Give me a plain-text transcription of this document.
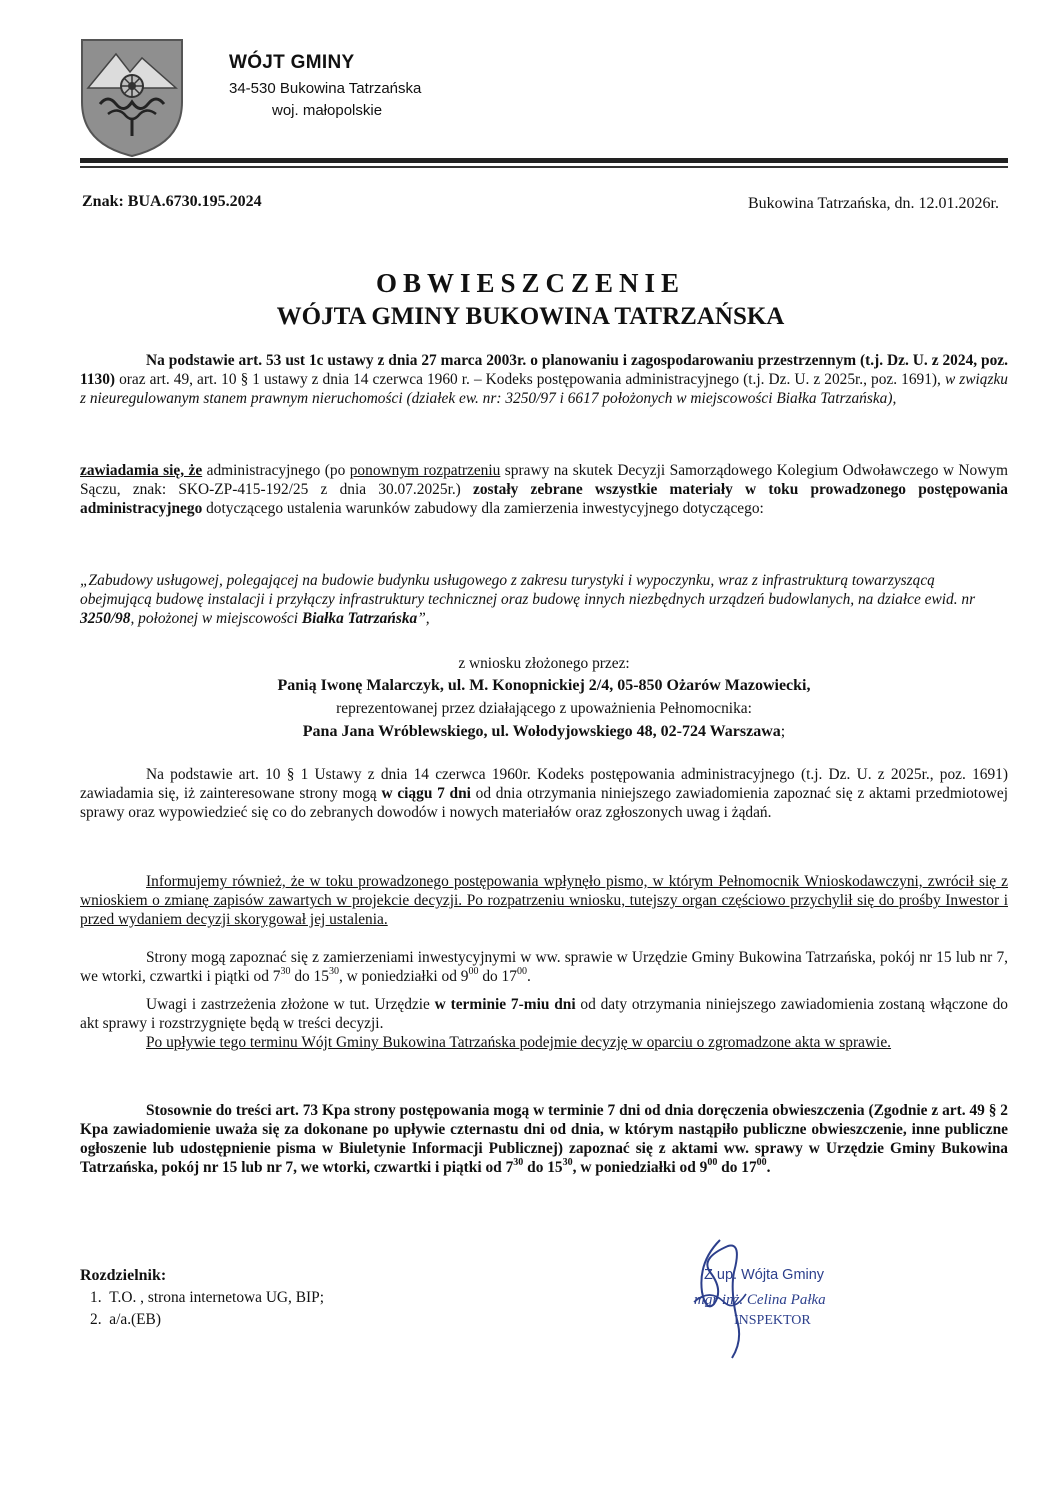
WÓJT GMINY
34-530 Bukowina Tatrzańska
woj. małopolskie
Znak: BUA.6730.195.2024	Bukowina Tatrzańska, dn. 12.01.2026r.
OBWIESZCZENIE
WÓJTA GMINY BUKOWINA TATRZAŃSKA
Na podstawie art. 53 ust 1c ustawy z dnia 27 marca 2003r. o planowaniu i zagospodarowaniu przestrzennym (t.j. Dz. U. z 2024, poz. 1130) oraz art. 49, art. 10 § 1 ustawy z dnia 14 czerwca 1960 r. – Kodeks postępowania administracyjnego (t.j. Dz. U. z 2025r., poz. 1691), w związku z nieuregulowanym stanem prawnym nieruchomości (działek ew. nr: 3250/97 i 6617 położonych w miejscowości Białka Tatrzańska),
zawiadamia się, że administracyjnego (po ponownym rozpatrzeniu sprawy na skutek Decyzji Samorządowego Kolegium Odwoławczego w Nowym Sączu, znak: SKO-ZP-415-192/25 z dnia 30.07.2025r.) zostały zebrane wszystkie materiały w toku prowadzonego postępowania administracyjnego dotyczącego ustalenia warunków zabudowy dla zamierzenia inwestycyjnego dotyczącego:
„Zabudowy usługowej, polegającej na budowie budynku usługowego z zakresu turystyki i wypoczynku, wraz z infrastrukturą towarzyszącą obejmującą budowę instalacji i przyłączy infrastruktury technicznej oraz budowę innych niezbędnych urządzeń budowlanych, na działce ewid. nr 3250/98, położonej w miejscowości Białka Tatrzańska”,
z wniosku złożonego przez:
Panią Iwonę Malarczyk, ul. M. Konopnickiej 2/4, 05-850 Ożarów Mazowiecki,
reprezentowanej przez działającego z upoważnienia Pełnomocnika:
Pana Jana Wróblewskiego, ul. Wołodyjowskiego 48, 02-724 Warszawa;
Na podstawie art. 10 § 1 Ustawy z dnia 14 czerwca 1960r. Kodeks postępowania administracyjnego (t.j. Dz. U. z 2025r., poz. 1691) zawiadamia się, iż zainteresowane strony mogą w ciągu 7 dni od dnia otrzymania niniejszego zawiadomienia zapoznać się z aktami przedmiotowej sprawy oraz wypowiedzieć się co do zebranych dowodów i nowych materiałów oraz zgłoszonych uwag i żądań.
Informujemy również, że w toku prowadzonego postępowania wpłynęło pismo, w którym Pełnomocnik Wnioskodawczyni, zwrócił się z wnioskiem o zmianę zapisów zawartych w projekcie decyzji. Po rozpatrzeniu wniosku, tutejszy organ częściowo przychylił się do prośby Inwestor i przed wydaniem decyzji skorygował jej ustalenia.
Strony mogą zapoznać się z zamierzeniami inwestycyjnymi w ww. sprawie w Urzędzie Gminy Bukowina Tatrzańska, pokój nr 15 lub nr 7, we wtorki, czwartki i piątki od $7^{30}$ do $15^{30}$, w poniedziałki od $9^{00}$ do $17^{00}$.
Uwagi i zastrzeżenia złożone w tut. Urzędzie w terminie 7-miu dni od daty otrzymania niniejszego zawiadomienia zostaną włączone do akt sprawy i rozstrzygnięte będą w treści decyzji.
Po upływie tego terminu Wójt Gminy Bukowina Tatrzańska podejmie decyzję w oparciu o zgromadzone akta w sprawie.
Stosownie do treści art. 73 Kpa strony postępowania mogą w terminie 7 dni od dnia doręczenia obwieszczenia (Zgodnie z art. 49 § 2 Kpa zawiadomienie uważa się za dokonane po upływie czternastu dni od dnia, w którym nastąpiło publiczne obwieszczenie, inne publiczne ogłoszenie lub udostępnienie pisma w Biuletynie Informacji Publicznej) zapoznać się z aktami ww. sprawy w Urzędzie Gminy Bukowina Tatrzańska, pokój nr 15 lub nr 7, we wtorki, czwartki i piątki od $7^{30}$ do $15^{30}$, w poniedziałki od $9^{00}$ do $17^{00}$.
Rozdzielnik:
1.  T.O. , strona internetowa UG, BIP;
2.  a/a.(EB)
Z up. Wójta Gminy
mgr inż. Celina Pałka
INSPEKTOR
